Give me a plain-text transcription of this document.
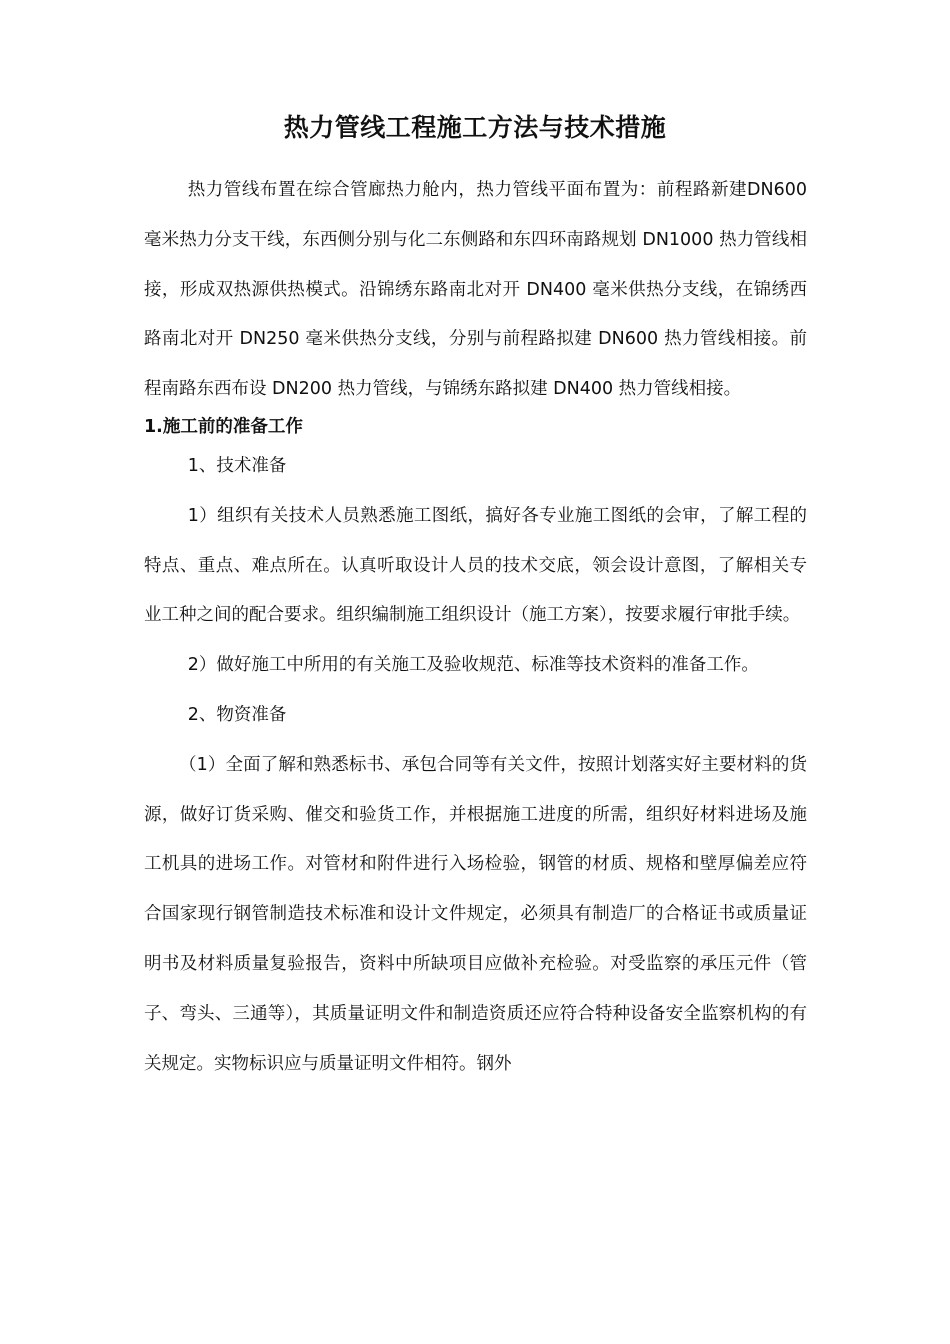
热力管线工程施工方法与技术措施

热力管线布置在综合管廊热力舱内，热力管线平面布置为：前程路新建DN600 毫米热力分支干线，东西侧分别与化二东侧路和东四环南路规划 DN1000 热力管线相接，形成双热源供热模式。沿锦绣东路南北对开 DN400 毫米供热分支线，在锦绣西路南北对开 DN250 毫米供热分支线，分别与前程路拟建 DN600 热力管线相接。前程南路东西布设 DN200 热力管线，与锦绣东路拟建 DN400 热力管线相接。

1.施工前的准备工作

1、技术准备

1）组织有关技术人员熟悉施工图纸，搞好各专业施工图纸的会审，了解工程的特点、重点、难点所在。认真听取设计人员的技术交底，领会设计意图，了解相关专业工种之间的配合要求。组织编制施工组织设计（施工方案），按要求履行审批手续。

2）做好施工中所用的有关施工及验收规范、标准等技术资料的准备工作。

2、物资准备

（1）全面了解和熟悉标书、承包合同等有关文件，按照计划落实好主要材料的货源，做好订货采购、催交和验货工作，并根据施工进度的所需，组织好材料进场及施工机具的进场工作。对管材和附件进行入场检验，钢管的材质、规格和壁厚偏差应符合国家现行钢管制造技术标准和设计文件规定，必须具有制造厂的合格证书或质量证明书及材料质量复验报告，资料中所缺项目应做补充检验。对受监察的承压元件（管子、弯头、三通等），其质量证明文件和制造资质还应符合特种设备安全监察机构的有关规定。实物标识应与质量证明文件相符。钢外
